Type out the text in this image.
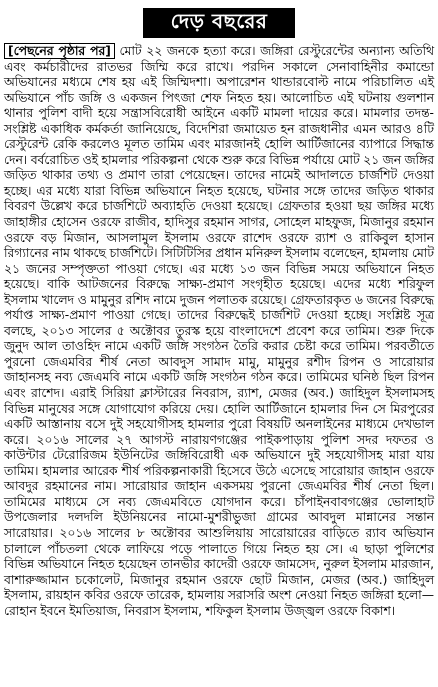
দেড় বছরের
[পেছনের পৃষ্ঠার পর] মোট ২২ জনকে হত্যা করে। জঙ্গিরা রেস্টুরেন্টের অন্যান্য অতিথি এবং কর্মচারীদের রাতভর জিম্মি করে রাখে। পরদিন সকালে সেনাবাহিনীর কমান্ডো অভিযানের মধ্যমে শেষ হয় এই জিম্মিদশা। অপারেশন থান্ডারবোল্ট নামে পরিচালিত এই অভিযানে পাঁচ জঙ্গি ও একজন পিৎজা শেফ নিহত হয়। আলোচিত এই ঘটনায় গুলশান থানার পুলিশ বাদী হয়ে সন্ত্রাসবিরোধী আইনে একটি মামলা দায়ের করে। মামলার তদন্ত-সংশ্লিষ্ট একাধিক কর্মকর্তা জানিয়েছে, বিদেশিরা জমায়েত হন রাজধানীর এমন আরও ৪টি রেস্টুরেন্ট রেকি করলেও মূলত তামিম এবং মারজানই হোলি আর্টিজানের ব্যাপারে সিদ্ধান্ত দেন। বর্বরোচিত ওই হামলার পরিকল্পনা থেকে শুরু করে বিভিন্ন পর্যায়ে মোট ২১ জন জঙ্গির জড়িত থাকার তথ্য ও প্রমাণ তারা পেয়েছেন। তাদের নামেই আদালতে চার্জশিট দেওয়া হচ্ছে। এর মধ্যে যারা বিভিন্ন অভিযানে নিহত হয়েছে, ঘটনার সঙ্গে তাদের জড়িত থাকার বিবরণ উল্লেখ করে চার্জশিটে অব্যাহতি দেওয়া হয়েছে। গ্রেফতার হওয়া ছয় জঙ্গির মধ্যে জাহাঙ্গীর হোসেন ওরফে রাজীব, হাদিসুর রহমান সাগর, সোহেল মাহফুজ, মিজানুর রহমান ওরফে বড় মিজান, আসলামুল ইসলাম ওরফে রাশেদ ওরফে র‍্যাশ ও রাকিবুল হাসান রিগ্যানের নাম থাকছে চার্জশিটে। সিটিটিসির প্রধান মনিরুল ইসলাম বলেছেন, হামলায় মোট ২১ জনের সম্পৃক্ততা পাওয়া গেছে। এর মধ্যে ১৩ জন বিভিন্ন সময়ে অভিযানে নিহত হয়েছে। বাকি আটজনের বিরুদ্ধে সাক্ষ্য-প্রমাণ সংগৃহীত হয়েছে। এদের মধ্যে শরিফুল ইসলাম খালেদ ও মামুনুর রশিদ নামে দুজন পলাতক রয়েছে। গ্রেফতারকৃত ৬ জনের বিরুদ্ধে পর্যাপ্ত সাক্ষ্য-প্রমাণ পাওয়া গেছে। তাদের বিরুদ্ধেই চার্জশিট দেওয়া হচ্ছে। সংশ্লিষ্ট সূত্র বলছে, ২০১৩ সালের ৫ অক্টোবর তুরস্ক হয়ে বাংলাদেশে প্রবেশ করে তামিম। শুরু দিকে জুনুদ আল তাওহিদ নামে একটি জঙ্গি সংগঠন তৈরি করার চেষ্টা করে তামিম। পরবর্তীতে পুরনো জেএমবির শীর্ষ নেতা আবদুস সামাদ মামু, মামুনুর রশীদ রিপন ও সারোয়ার জাহানসহ নব্য জেএমবি নামে একটি জঙ্গি সংগঠন গঠন করে। তামিমের ঘনিষ্ঠ ছিল রিপন এবং রাশেদ। এরাই সিরিয়া ক্লাস্টারের নিবরাস, র‍্যাশ, মেজর (অব.) জাহিদুল ইসলামসহ বিভিন্ন মানুষের সঙ্গে যোগাযোগ করিয়ে দেয়। হোলি আর্টিজানে হামলার দিন সে মিরপুরের একটি আস্তানায় বসে দুই সহযোগীসহ হামলার পুরো বিষয়টি অনলাইনের মাধ্যমে দেখভাল করে। ২০১৬ সালের ২৭ আগস্ট নারায়ণগঞ্জের পাইকপাড়ায় পুলিশ সদর দফতর ও কাউন্টার টেরোরিজম ইউনিটের জঙ্গিবিরোধী এক অভিযানে দুই সহযোগীসহ মারা যায় তামিম। হামলার আরেক শীর্ষ পরিকল্পনাকারী হিসেবে উঠে এসেছে সারোয়ার জাহান ওরফে আবদুর রহমানের নাম। সারোয়ার জাহান একসময় পুরনো জেএমবির শীর্ষ নেতা ছিল। তামিমের মাধ্যমে সে নব্য জেএমবিতে যোগদান করে। চাঁপাইনবাবগঞ্জের ভোলাহাট উপজেলার দলদলি ইউনিয়নের নামো-মুশরীভুজা গ্রামের আবদুল মান্নানের সন্তান সারোয়ার। ২০১৬ সালের ৮ অক্টোবর আশুলিয়ায় সারোয়ারের বাড়িতে র‍্যাব অভিযান চালালে পাঁচতলা থেকে লাফিয়ে পড়ে পালাতে গিয়ে নিহত হয় সে। এ ছাড়া পুলিশের বিভিন্ন অভিযানে নিহত হয়েছেন তানভীর কাদেরী ওরফে জামসেদ, নুরুল ইসলাম মারজান, বাশারুজ্জামান চকোলেট, মিজানুর রহমান ওরফে ছোট মিজান, মেজর (অব.) জাহিদুল ইসলাম, রায়হান কবির ওরফে তারেক, হামলায় সরাসরি অংশ নেওয়া নিহত জঙ্গিরা হলো— রোহান ইবনে ইমতিয়াজ, নিবরাস ইসলাম, শফিকুল ইসলাম উজ্জ্বল ওরফে বিকাশ।
